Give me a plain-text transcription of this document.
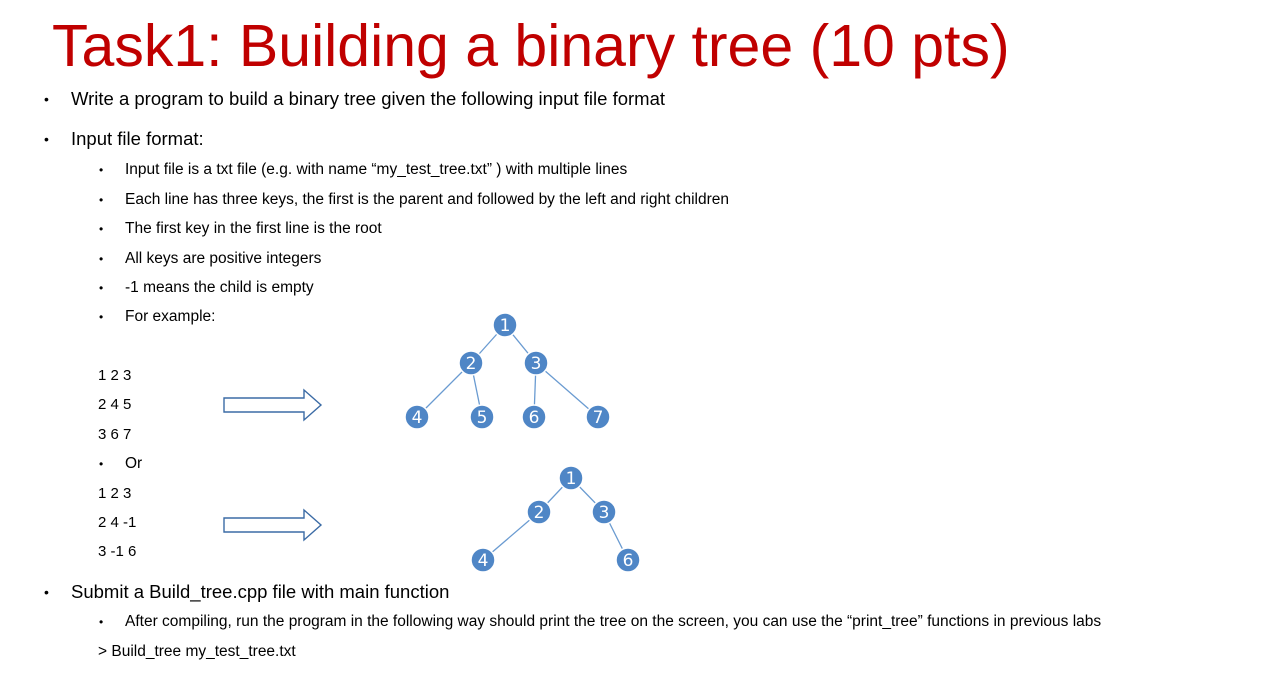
Task1: Building a binary tree (10 pts)
• Write a program to build a binary tree given the following input file format
• Input file format:
• Input file is a txt file (e.g. with name “my_test_tree.txt” ) with multiple lines
• Each line has three keys, the first is the parent and followed by the left and right children
• The first key in the first line is the root
• All keys are positive integers
• -1 means the child is empty
• For example:
1 2 3
2 4 5
3 6 7
• Or
1 2 3
2 4 -1
3 -1 6
• Submit a Build_tree.cpp file with main function
• After compiling, run the program in the following way should print the tree on the screen, you can use the “print_tree” functions in previous labs
> Build_tree my_test_tree.txt
1
2	3
4	5 6	7
1
2	3
4	6
